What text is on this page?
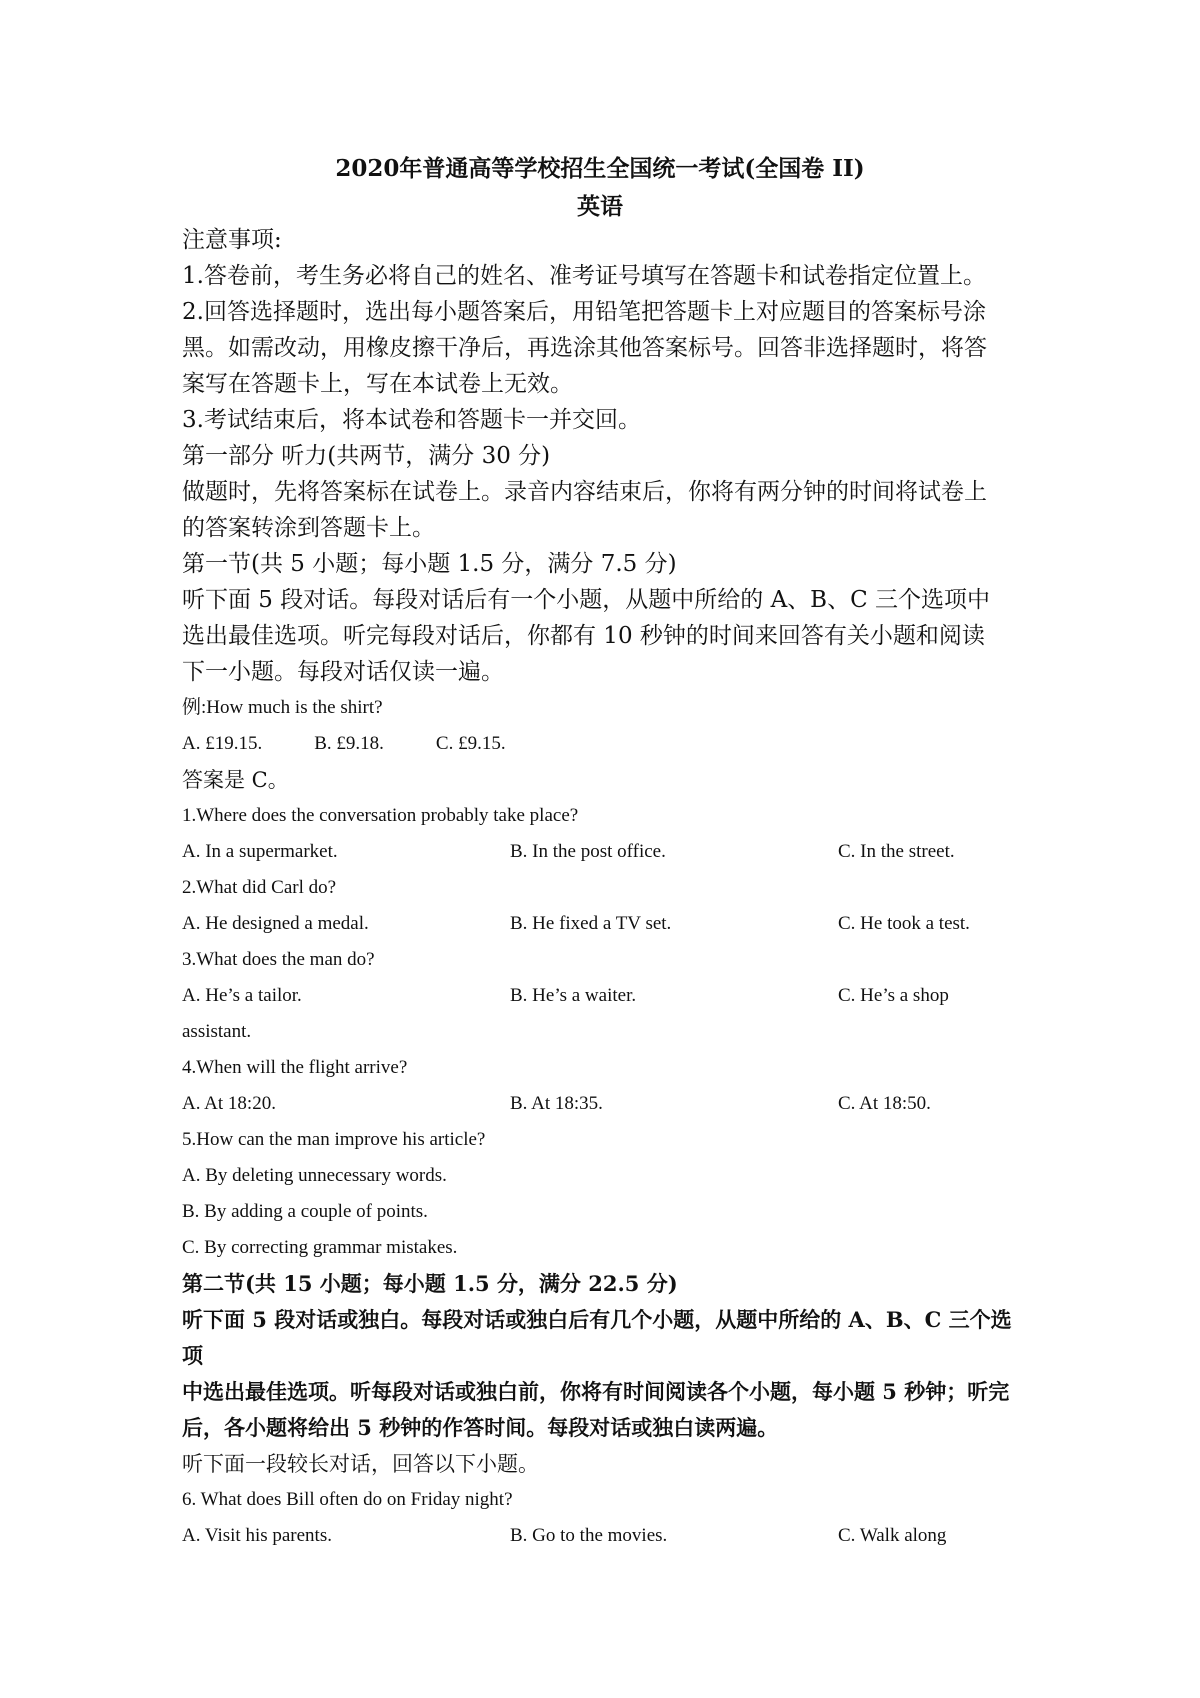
2020年普通高等学校招生全国统一考试(全国卷 II)
英语

注意事项:

1.答卷前，考生务必将自己的姓名、准考证号填写在答题卡和试卷指定位置上。

2.回答选择题时，选出每小题答案后，用铅笔把答题卡上对应题目的答案标号涂

黑。如需改动，用橡皮擦干净后，再选涂其他答案标号。回答非选择题时，将答

案写在答题卡上，写在本试卷上无效。

3.考试结束后，将本试卷和答题卡一并交回。

第一部分 听力(共两节，满分 30 分)

做题时，先将答案标在试卷上。录音内容结束后，你将有两分钟的时间将试卷上

的答案转涂到答题卡上。

第一节(共 5 小题；每小题 1.5 分，满分 7.5 分)

听下面 5 段对话。每段对话后有一个小题，从题中所给的 A、B、C 三个选项中

选出最佳选项。听完每段对话后，你都有 10 秒钟的时间来回答有关小题和阅读

下一小题。每段对话仅读一遍。

例:How much is the shirt?

A. £19.15.	B. £9.18.	C. £9.15.

答案是 C。

1.Where does the conversation probably take place?

A. In a supermarket.	B. In the post office.	C. In the street.

2.What did Carl do?

A. He designed a medal.	B. He fixed a TV set.	C. He took a test.

3.What does the man do?

A. He’s a tailor.	B. He’s a waiter.	C. He’s a shop

assistant.

4.When will the flight arrive?

A. At 18:20.	B. At 18:35.	C. At 18:50.

5.How can the man improve his article?

A. By deleting unnecessary words.

B. By adding a couple of points.

C. By correcting grammar mistakes.

第二节(共 15 小题；每小题 1.5 分，满分 22.5 分)

听下面 5 段对话或独白。每段对话或独白后有几个小题，从题中所给的 A、B、C 三个选项

中选出最佳选项。听每段对话或独白前，你将有时间阅读各个小题，每小题 5 秒钟；听完

后，各小题将给出 5 秒钟的作答时间。每段对话或独白读两遍。

听下面一段较长对话，回答以下小题。

6. What does Bill often do on Friday night?

A. Visit his parents.	B. Go to the movies.	C. Walk along
